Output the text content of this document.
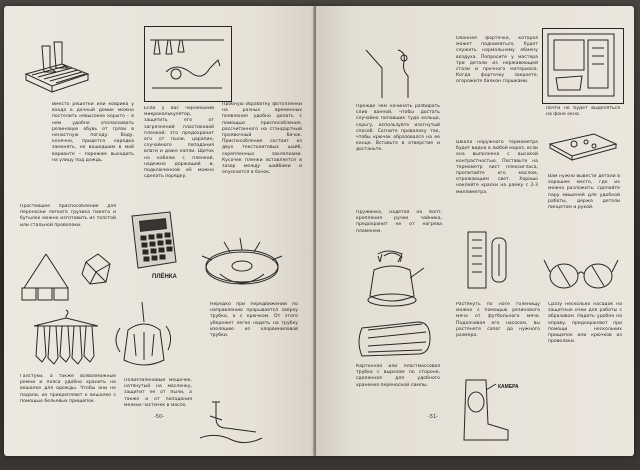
Вместо решетки или коврика у входа в дачный домик можно постелить невысокое корыто – в нем удобно споласкивать резиновую обувь от грязи в ненастную погоду. Воду, конечно, придется наредка заменять, но вошедшим в мой варианте – порежем выходить на улицу под дождь.
Если у вас черненький микрокалькулятор, защитить его от загрязнений пластиковой пленкой: это предохранит его от пыли, царапин, случайного попадания влаги и даже капли. Щиток на кабелю с пленкой, надежно держащей и, подключенной её можно сделать порядку.
Пробную обработку фотопленки на разных временных появления удобно делать с помощью приспособления, рассчитанного на стандартный проявочный бачок. Приспособление состоит из двух текстолитовых шайб, скрепленных заклепками. Кусочек пленки вставляется в зазор между шайбами и опускается в бачок.
Простейшее приспособление для переноски легкого грузика пакета и бутылок можно изготовить из толстой или стальной проволоки.
ПЛЁНКА
Галстуки, а также всевозможные ремни и пояса удобно хранить на вешалке для одежды. Чтобы они не падали, их прикрепляют к вешалке с помощью бельевых прищепок.
Полиэтиленовый мешочек, натянутый на масленку, защитит ее от пыли, а также и от попадания мелких частичек в масло.
Нередко при передвижении по направлению прорывается сверху трубка, а с крючком. От этого убережет легко надеть на трубку изоляцию из хлорвиниловой трубки.
-50-
Прежде чем начинать разбирать слив ванной, чтобы достать случайно попавшие туда кольцо, серьгу, используйте изогнутый способ. Согните проволоку так, чтобы крючок образовался на ее конце. Вставьте в отверстие и достаньте.
Оконная форточка, которая может подниматься, будет служить нормальному обмену воздуха. Попросите у мастера три детали из нержавеющей стали и прочного материала. Когда форточку закроете, огорожите балкон горшками.
почти не будет выделяться на фоне окна.
Вам нужно вывести детали в хорошем месте, где их можно разложить: сделайте пару мишеней для удобной работы, держа детали пинцетом и рукой.
Шкала наружного термометра будет видна в любой мороз, если она выполнена с высокой контрастностью. Поставьте на термометр лист плексигласа, пропитайте его маслом, отражающим свет. Хорошо наклейте краски на рамку с 2-3 миллиметра.
Пружинка, надетая на болт, крепления ручки чайника, предохранит ее от нагрева пламенем.
Сразу несколько насадок на защитные очки для работы с абразивом. Надеть удобно на оправу, предохраняют при помощи нескольких прищепок или крючков из проволоки.
Картонная или пластмассовая трубка с вырезом по стороне, сделанная для удобного хранения переносной лампы.
Растянуть по ноге голенищу можно с помощью резинового мяча от футбольного мяча. Подкачивая его насосом, вы растянете сапог до нужного размера.
КАМЕРА
-51-
